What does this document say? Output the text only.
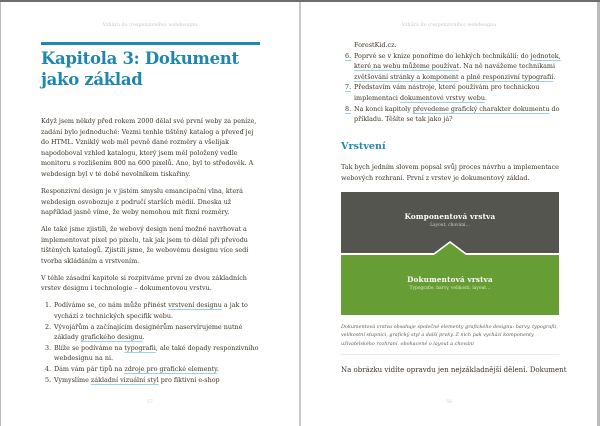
Vzhůru do (responzivního) webdesignu
Kapitola 3: Dokument jako základ

Když jsem někdy před rokem 2000 dělal své první weby za peníze, zadání bylo jednoduché: Vezmi tenhle tištěný katalog a převeď jej do HTML. Vzniklý web měl pevně dané rozměry a všelijak napodoboval vzhled katalogu, který jsem měl položený vedle monitoru s rozlišením 800 na 600 pixelů. Ano, byl to středověk. A webdesign byl v té době nevolníkem tiskařiny.

Responzivní design je v jistém smyslu emancipační vlna, která webdesign osvobozuje z područí starších médií. Dneska už například jasně víme, že weby nemohou mít fixní rozměry.

Ale také jsme zjistili, že webový design není možné navrhovat a implementovat pixel po pixelu, tak jak jsem to dělal při převodu tištěných katalogů. Zjistili jsme, že webovému designu více sedí tvorba skládáním a vrstvením.

V téhle zásadní kapitole si rozpitváme první ze dvou základních vrstev designu i technologie – dokumentovou vrstvu.

1. Podíváme se, co nám může přinést vrstvení designu a jak to vychází z technických specifik webu.
2. Vývojářům a začínajícím designérům naservírujeme nutné základy grafického designu.
3. Blíže se podíváme na typografii, ale také dopady responzivního webdesignu na ni.
4. Dám vám pár tipů na zdroje pro grafické elementy.
5. Vymyslíme základní vizuální styl pro fiktivní e-shop
57
Vzhůru do (responzivního) webdesignu
58
ForestKid.cz.
6. Poprvé se v knize ponoříme do lehkých technikálií: do jednotek, které na webu můžeme používat. Na ně navážeme technikami zvětšování stránky a komponent a plně responzivní typografií.
7. Představím vám nástroje, které používám pro technickou implementaci dokumentové vrstvy webu.
8. Na konci kapitoly převedeme grafický charakter dokumentu do příkladu. Těšíte se tak jako já?
Vrstvení
Tak bych jedním slovem popsal svůj proces návrhu a implementace webových rozhraní. První z vrstev je dokumentový základ.
Komponentová vrstva
Layout, chování…
Dokumentová vrstva
Typografie, barvy, velikosti, layout…
Dokumentová vrstva obsahuje společné elementy grafického designu: barvy, typografii, velikostní stupnici, grafický styl a další prvky. Z nich pak vychází komponenty uživatelského rozhraní, obohacené o layout a chování
Na obrázku vidíte opravdu jen nejzákladnější dělení. Dokument
